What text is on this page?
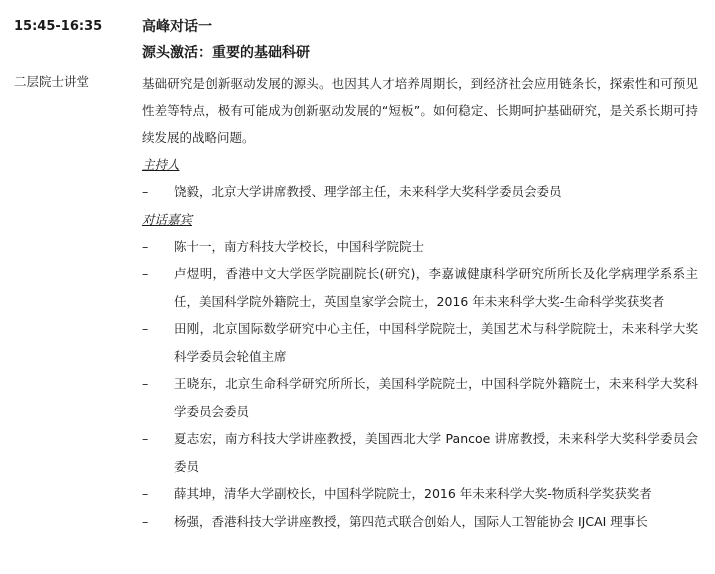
15:45-16:35
二层院士讲堂

高峰对话一

源头激活：重要的基础科研

基础研究是创新驱动发展的源头。也因其人才培养周期长，到经济社会应用链条长，探索性和可预见性差等特点，极有可能成为创新驱动发展的“短板”。如何稳定、长期呵护基础研究，是关系长期可持续发展的战略问题。

主持人

– 饶毅，北京大学讲席教授、理学部主任，未来科学大奖科学委员会委员

对话嘉宾

– 陈十一，南方科技大学校长，中国科学院院士
– 卢煜明，香港中文大学医学院副院长(研究)，李嘉诚健康科学研究所所长及化学病理学系系主任，美国科学院外籍院士，英国皇家学会院士，2016 年未来科学大奖-生命科学奖获奖者
– 田刚，北京国际数学研究中心主任，中国科学院院士，美国艺术与科学院院士，未来科学大奖科学委员会轮值主席
– 王晓东，北京生命科学研究所所长，美国科学院院士，中国科学院外籍院士，未来科学大奖科学委员会委员
– 夏志宏，南方科技大学讲座教授，美国西北大学 Pancoe 讲席教授，未来科学大奖科学委员会委员
– 薛其坤，清华大学副校长，中国科学院院士，2016 年未来科学大奖-物质科学奖获奖者
– 杨强，香港科技大学讲座教授，第四范式联合创始人，国际人工智能协会 IJCAI 理事长
